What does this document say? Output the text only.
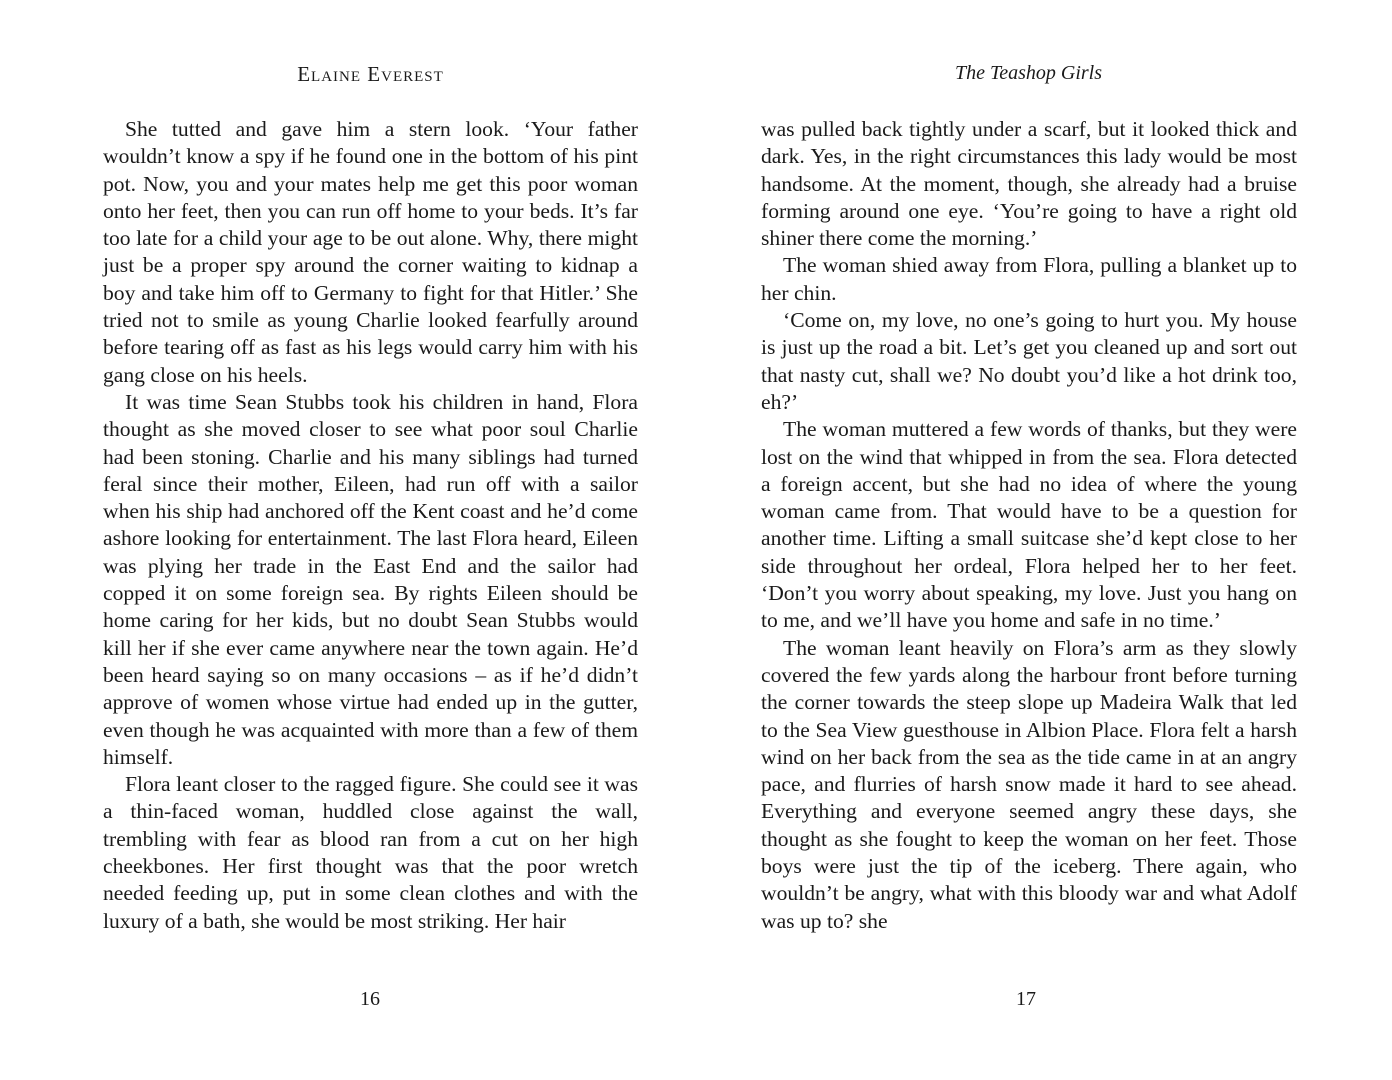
Elaine Everest

She tutted and gave him a stern look. ‘Your father wouldn’t know a spy if he found one in the bottom of his pint pot. Now, you and your mates help me get this poor woman onto her feet, then you can run off home to your beds. It’s far too late for a child your age to be out alone. Why, there might just be a proper spy around the corner waiting to kidnap a boy and take him off to Germany to fight for that Hitler.’ She tried not to smile as young Charlie looked fearfully around before tearing off as fast as his legs would carry him with his gang close on his heels.

It was time Sean Stubbs took his children in hand, Flora thought as she moved closer to see what poor soul Charlie had been stoning. Charlie and his many siblings had turned feral since their mother, Eileen, had run off with a sailor when his ship had anchored off the Kent coast and he’d come ashore looking for entertainment. The last Flora heard, Eileen was plying her trade in the East End and the sailor had copped it on some foreign sea. By rights Eileen should be home caring for her kids, but no doubt Sean Stubbs would kill her if she ever came anywhere near the town again. He’d been heard saying so on many occasions – as if he’d didn’t approve of women whose virtue had ended up in the gutter, even though he was acquainted with more than a few of them himself.

Flora leant closer to the ragged figure. She could see it was a thin-faced woman, huddled close against the wall, trembling with fear as blood ran from a cut on her high cheekbones. Her first thought was that the poor wretch needed feeding up, put in some clean clothes and with the luxury of a bath, she would be most striking. Her hair

16
The Teashop Girls

was pulled back tightly under a scarf, but it looked thick and dark. Yes, in the right circumstances this lady would be most handsome. At the moment, though, she already had a bruise forming around one eye. ‘You’re going to have a right old shiner there come the morning.’

The woman shied away from Flora, pulling a blanket up to her chin.

‘Come on, my love, no one’s going to hurt you. My house is just up the road a bit. Let’s get you cleaned up and sort out that nasty cut, shall we? No doubt you’d like a hot drink too, eh?’

The woman muttered a few words of thanks, but they were lost on the wind that whipped in from the sea. Flora detected a foreign accent, but she had no idea of where the young woman came from. That would have to be a question for another time. Lifting a small suitcase she’d kept close to her side throughout her ordeal, Flora helped her to her feet. ‘Don’t you worry about speaking, my love. Just you hang on to me, and we’ll have you home and safe in no time.’

The woman leant heavily on Flora’s arm as they slowly covered the few yards along the harbour front before turning the corner towards the steep slope up Madeira Walk that led to the Sea View guesthouse in Albion Place. Flora felt a harsh wind on her back from the sea as the tide came in at an angry pace, and flurries of harsh snow made it hard to see ahead. Everything and everyone seemed angry these days, she thought as she fought to keep the woman on her feet. Those boys were just the tip of the iceberg. There again, who wouldn’t be angry, what with this bloody war and what Adolf was up to? she

17
